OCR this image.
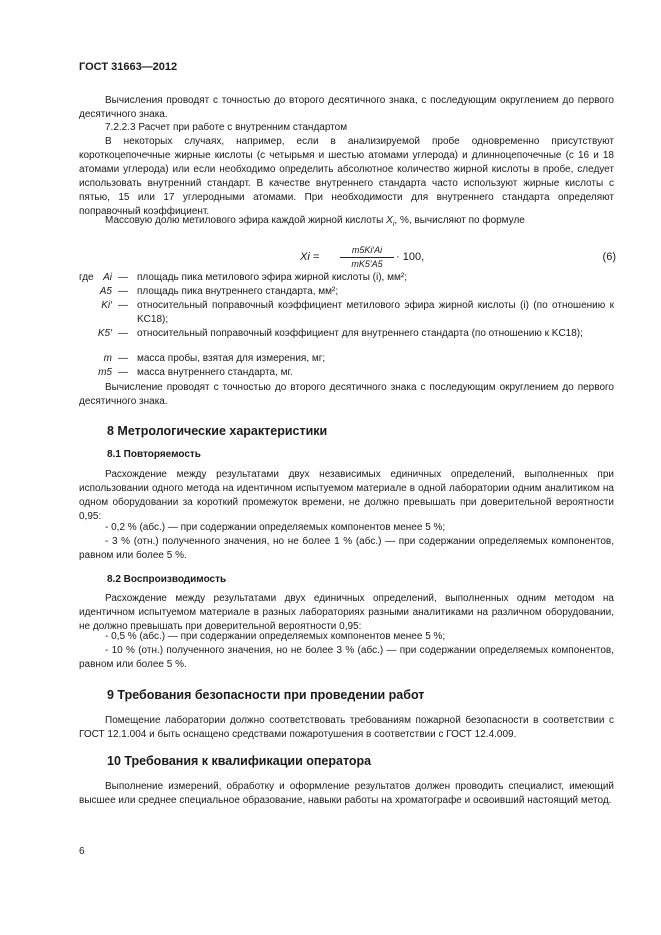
ГОСТ 31663—2012
Вычисления проводят с точностью до второго десятичного знака, с последующим округлением до первого десятичного знака.
7.2.2.3 Расчет при работе с внутренним стандартом
В некоторых случаях, например, если в анализируемой пробе одновременно присутствуют короткоцепочечные жирные кислоты (с четырьмя и шестью атомами углерода) и длинноцепочечные (с 16 и 18 атомами углерода) или если необходимо определить абсолютное количество жирной кислоты в пробе, следует использовать внутренний стандарт. В качестве внутреннего стандарта часто используют жирные кислоты с пятью, 15 или 17 углеродными атомами. При необходимости для внутреннего стандарта определяют поправочный коэффициент.
Массовую долю метилового эфира каждой жирной кислоты $X_i$, %, вычисляют по формуле
$Xi = \frac{m5Ki'Ai}{mK5'A5} \cdot 100$,	(6)
где Ai — площадь пика метилового эфира жирной кислоты (i), мм²;
A5 — площадь пика внутреннего стандарта, мм²;
Ki′ — относительный поправочный коэффициент метилового эфира жирной кислоты (i) (по отношению к KC18);
K5′ — относительный поправочный коэффициент для внутреннего стандарта (по отношению к KC18);
m — масса пробы, взятая для измерения, мг;
m5 — масса внутреннего стандарта, мг.
Вычисление проводят с точностью до второго десятичного знака с последующим округлением до первого десятичного знака.
8 Метрологические характеристики
8.1 Повторяемость
Расхождение между результатами двух независимых единичных определений, выполненных при использовании одного метода на идентичном испытуемом материале в одной лаборатории одним аналитиком на одном оборудовании за короткий промежуток времени, не должно превышать при доверительной вероятности 0,95:
- 0,2 % (абс.) — при содержании определяемых компонентов менее 5 %;
- 3 % (отн.) полученного значения, но не более 1 % (абс.) — при содержании определяемых компонентов, равном или более 5 %.
8.2 Воспроизводимость
Расхождение между результатами двух единичных определений, выполненных одним методом на идентичном испытуемом материале в разных лабораториях разными аналитиками на различном оборудовании, не должно превышать при доверительной вероятности 0,95:
- 0,5 % (абс.) — при содержании определяемых компонентов менее 5 %;
- 10 % (отн.) полученного значения, но не более 3 % (абс.) — при содержании определяемых компонентов, равном или более 5 %.
9 Требования безопасности при проведении работ
Помещение лаборатории должно соответствовать требованиям пожарной безопасности в соответствии с ГОСТ 12.1.004 и быть оснащено средствами пожаротушения в соответствии с ГОСТ 12.4.009.
10 Требования к квалификации оператора
Выполнение измерений, обработку и оформление результатов должен проводить специалист, имеющий высшее или среднее специальное образование, навыки работы на хроматографе и освоивший настоящий метод.
6
